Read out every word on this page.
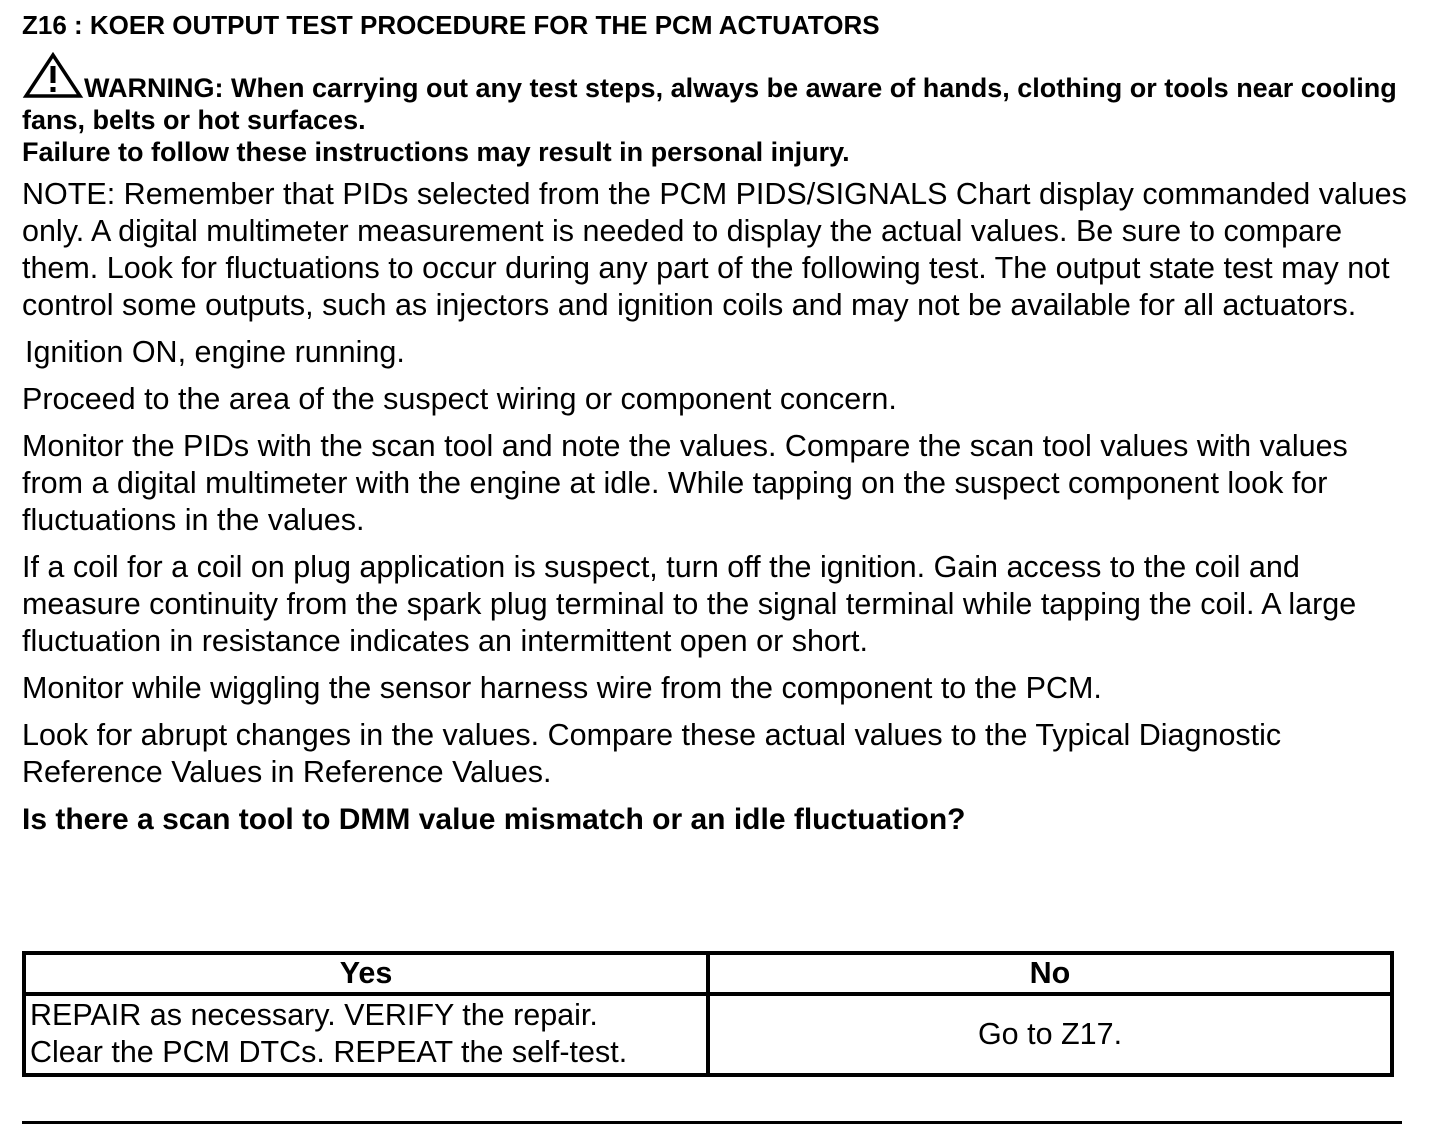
Z16 : KOER OUTPUT TEST PROCEDURE FOR THE PCM ACTUATORS
WARNING: When carrying out any test steps, always be aware of hands, clothing or tools near cooling fans, belts or hot surfaces.
Failure to follow these instructions may result in personal injury.

NOTE: Remember that PIDs selected from the PCM PIDS/SIGNALS Chart display commanded values only. A digital multimeter measurement is needed to display the actual values. Be sure to compare them. Look for fluctuations to occur during any part of the following test. The output state test may not control some outputs, such as injectors and ignition coils and may not be available for all actuators.

Ignition ON, engine running.

Proceed to the area of the suspect wiring or component concern.

Monitor the PIDs with the scan tool and note the values. Compare the scan tool values with values from a digital multimeter with the engine at idle. While tapping on the suspect component look for fluctuations in the values.

If a coil for a coil on plug application is suspect, turn off the ignition. Gain access to the coil and measure continuity from the spark plug terminal to the signal terminal while tapping the coil. A large fluctuation in resistance indicates an intermittent open or short.

Monitor while wiggling the sensor harness wire from the component to the PCM.

Look for abrupt changes in the values. Compare these actual values to the Typical Diagnostic Reference Values in Reference Values.

Is there a scan tool to DMM value mismatch or an idle fluctuation?

Yes	No

REPAIR as necessary. VERIFY the repair.
Clear the PCM DTCs. REPEAT the self-test.	Go to Z17.
